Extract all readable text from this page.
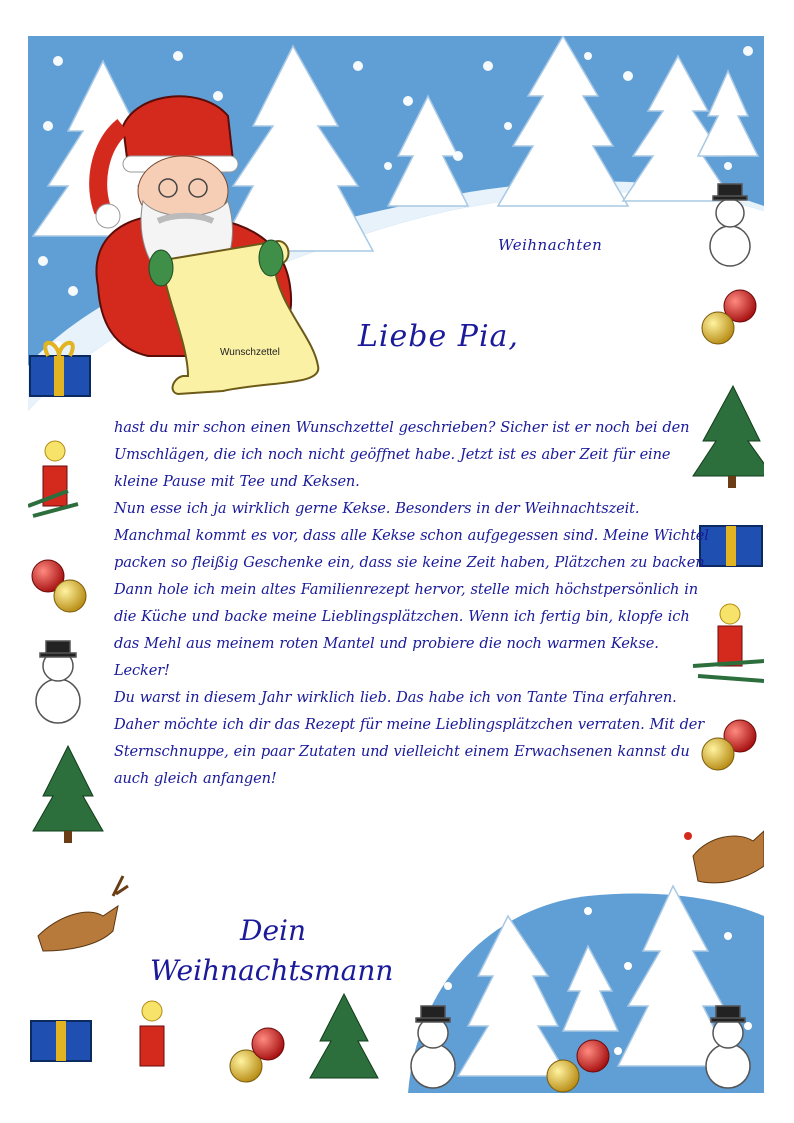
Wunschzettel
Weihnachten
Liebe Pia,

hast du mir schon einen Wunschzettel geschrieben? Sicher ist er noch bei den Umschlägen, die ich noch nicht geöffnet habe. Jetzt ist es aber Zeit für eine kleine Pause mit Tee und Keksen.

Nun esse ich ja wirklich gerne Kekse. Besonders in der Weihnachtszeit. Manchmal kommt es vor, dass alle Kekse schon aufgegessen sind. Meine Wichtel packen so fleißig Geschenke ein, dass sie keine Zeit haben, Plätzchen zu backen.

Dann hole ich mein altes Familienrezept hervor, stelle mich höchstpersönlich in die Küche und backe meine Lieblingsplätzchen. Wenn ich fertig bin, klopfe ich das Mehl aus meinem roten Mantel und probiere die noch warmen Kekse. Lecker!

Du warst in diesem Jahr wirklich lieb. Das habe ich von Tante Tina erfahren. Daher möchte ich dir das Rezept für meine Lieblingsplätzchen verraten. Mit der Sternschnuppe, ein paar Zutaten und vielleicht einem Erwachsenen kannst du auch gleich anfangen!

Dein
Weihnachtsmann
